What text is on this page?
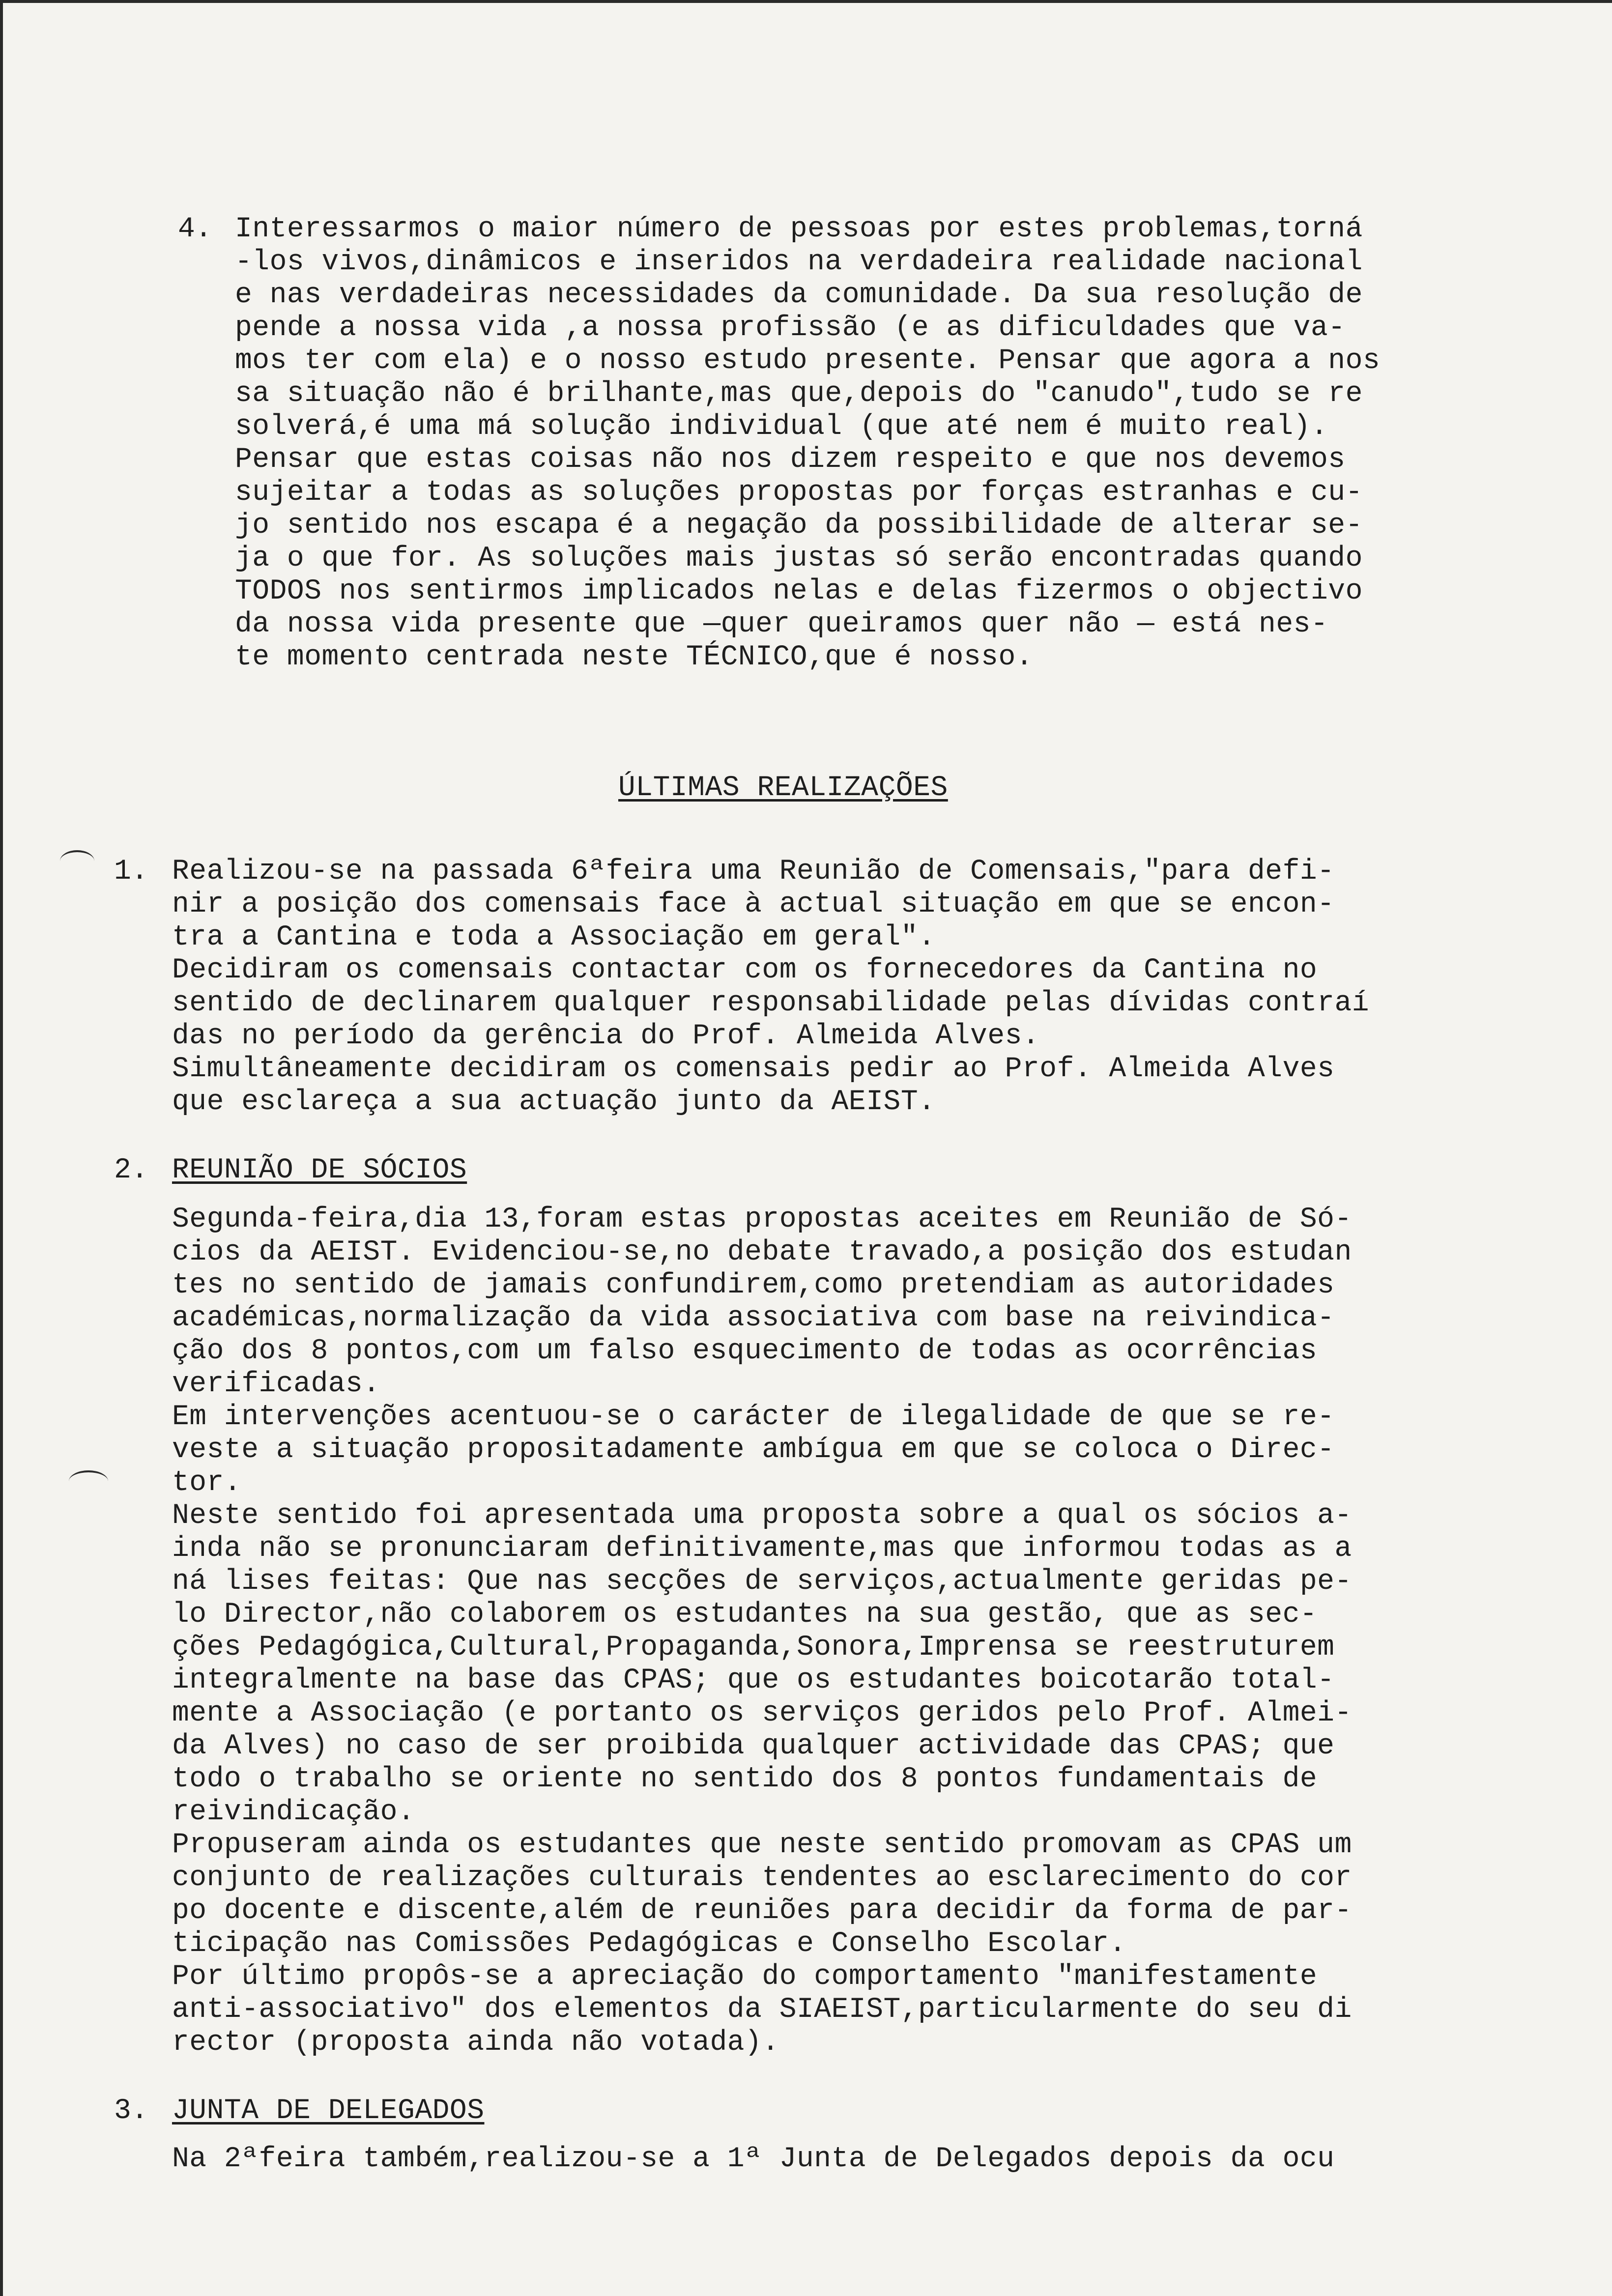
4. Interessarmos o maior número de pessoas por estes problemas,torná

-los vivos,dinâmicos e inseridos na verdadeira realidade nacional

e nas verdadeiras necessidades da comunidade. Da sua resolução de

pende a nossa vida ,a nossa profissão (e as dificuldades que va-

mos ter com ela) e o nosso estudo presente. Pensar que agora a nos

sa situação não é brilhante,mas que,depois do "canudo",tudo se re

solverá,é uma má solução individual (que até nem é muito real).

Pensar que estas coisas não nos dizem respeito e que nos devemos

sujeitar a todas as soluções propostas por forças estranhas e cu-

jo sentido nos escapa é a negação da possibilidade de alterar se-

ja o que for. As soluções mais justas só serão encontradas quando

TODOS nos sentirmos implicados nelas e delas fizermos o objectivo

da nossa vida presente que —quer queiramos quer não — está nes-

te momento centrada neste TÉCNICO,que é nosso.

ÚLTIMAS REALIZAÇÕES

1. Realizou-se na passada 6ªfeira uma Reunião de Comensais,"para defi-

nir a posição dos comensais face à actual situação em que se encon-

tra a Cantina e toda a Associação em geral".

Decidiram os comensais contactar com os fornecedores da Cantina no

sentido de declinarem qualquer responsabilidade pelas dívidas contraí

das no período da gerência do Prof. Almeida Alves.

Simultâneamente decidiram os comensais pedir ao Prof. Almeida Alves

que esclareça a sua actuação junto da AEIST.

2. REUNIÃO DE SÓCIOS

Segunda-feira,dia 13,foram estas propostas aceites em Reunião de Só-

cios da AEIST. Evidenciou-se,no debate travado,a posição dos estudan

tes no sentido de jamais confundirem,como pretendiam as autoridades

académicas,normalização da vida associativa com base na reivindica-

ção dos 8 pontos,com um falso esquecimento de todas as ocorrências

verificadas.

Em intervenções acentuou-se o carácter de ilegalidade de que se re-

veste a situação propositadamente ambígua em que se coloca o Direc-

tor.

Neste sentido foi apresentada uma proposta sobre a qual os sócios a-

inda não se pronunciaram definitivamente,mas que informou todas as a

ná lises feitas: Que nas secções de serviços,actualmente geridas pe-

lo Director,não colaborem os estudantes na sua gestão, que as sec-

ções Pedagógica,Cultural,Propaganda,Sonora,Imprensa se reestruturem

integralmente na base das CPAS; que os estudantes boicotarão total-

mente a Associação (e portanto os serviços geridos pelo Prof. Almei-

da Alves) no caso de ser proibida qualquer actividade das CPAS; que

todo o trabalho se oriente no sentido dos 8 pontos fundamentais de

reivindicação.

Propuseram ainda os estudantes que neste sentido promovam as CPAS um

conjunto de realizações culturais tendentes ao esclarecimento do cor

po docente e discente,além de reuniões para decidir da forma de par-

ticipação nas Comissões Pedagógicas e Conselho Escolar.

Por último propôs-se a apreciação do comportamento "manifestamente

anti-associativo" dos elementos da SIAEIST,particularmente do seu di

rector (proposta ainda não votada).

3. JUNTA DE DELEGADOS

Na 2ªfeira também,realizou-se a 1ª Junta de Delegados depois da ocu
